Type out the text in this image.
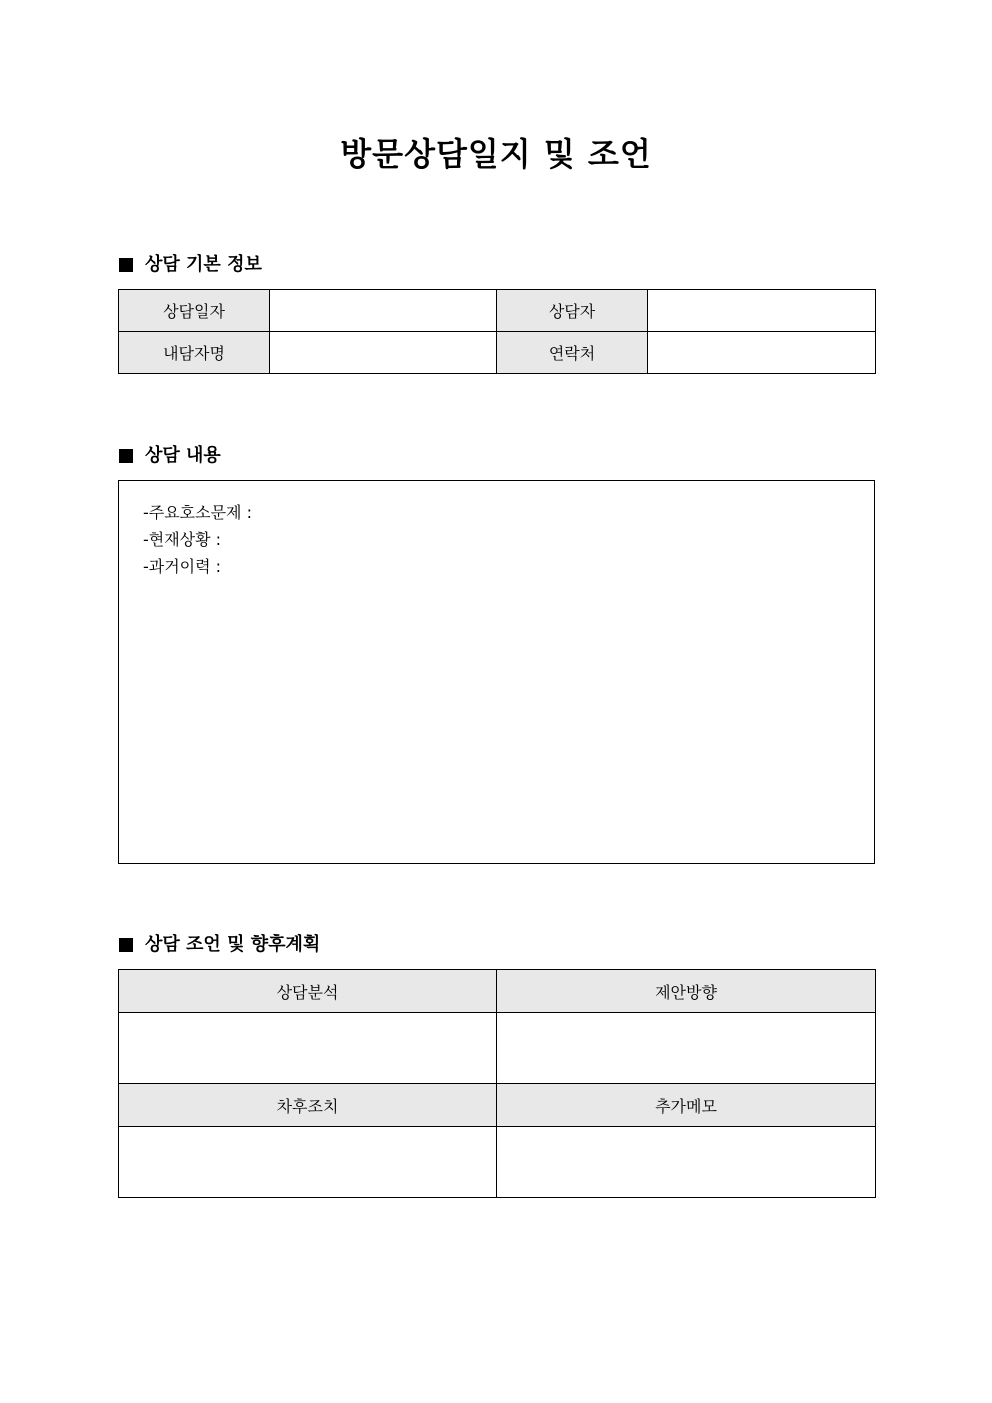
방문상담일지 및 조언
상담 기본 정보
상담일자		상담자	
내담자명		연락처	
상담 내용
-주요호소문제 :
-현재상황 :
-과거이력 :
상담 조언 및 향후계획
상담분석	제안방향

차후조치	추가메모
